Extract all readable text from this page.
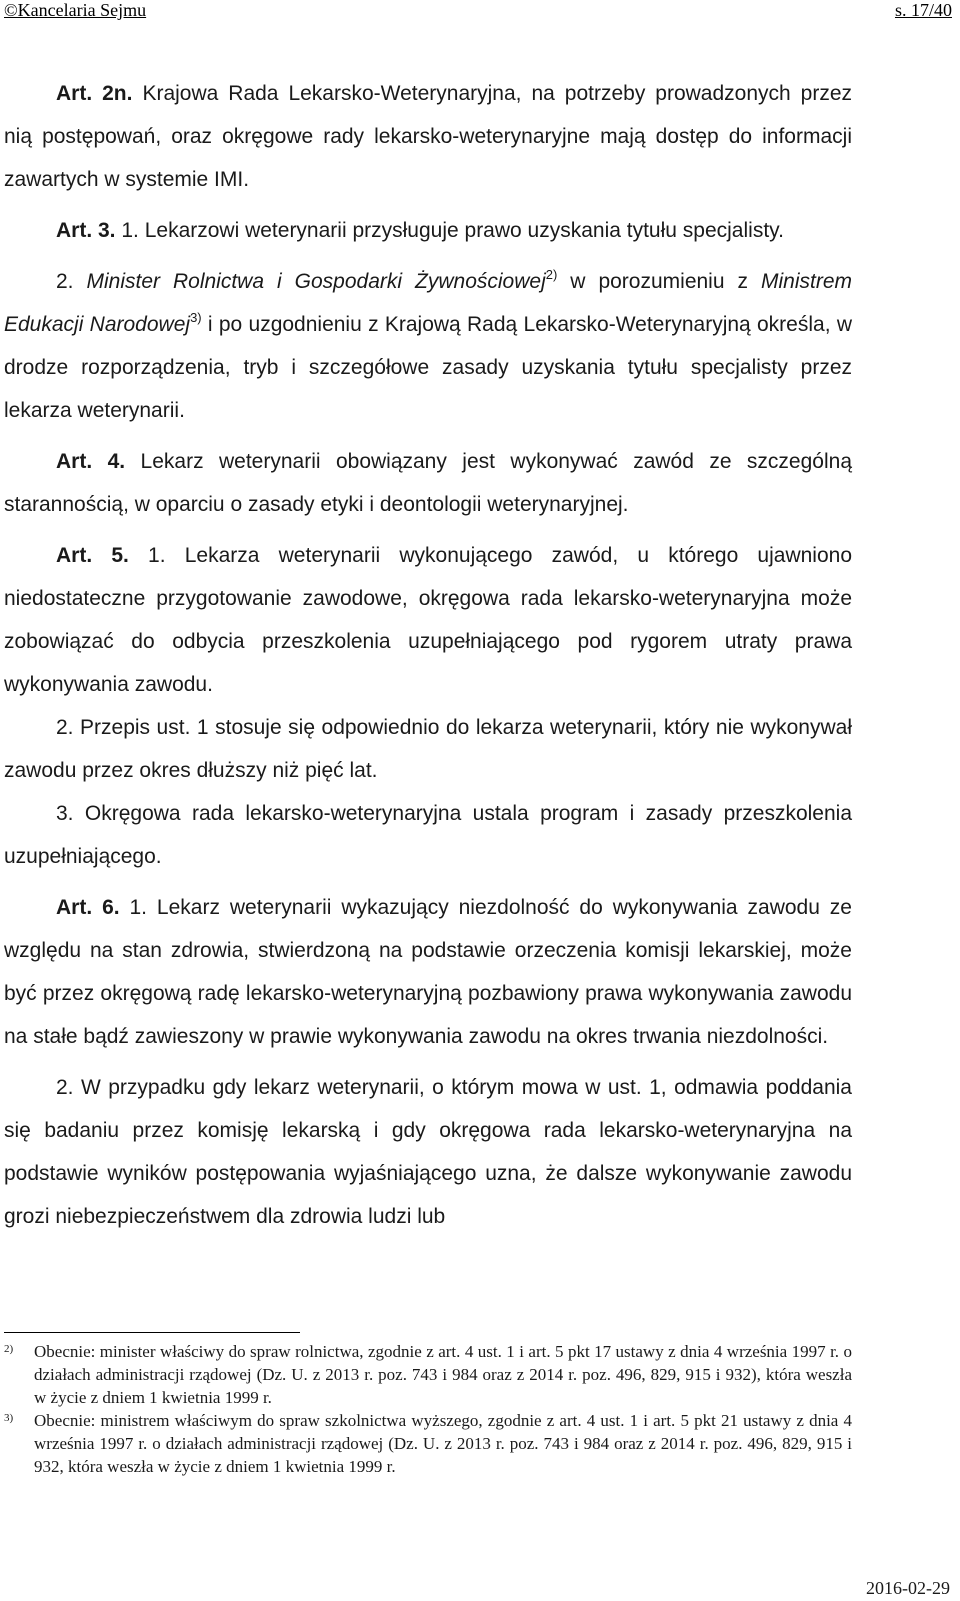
©Kancelaria Sejmu	s. 17/40

Art. 2n. Krajowa Rada Lekarsko-Weterynaryjna, na potrzeby prowadzonych przez nią postępowań, oraz okręgowe rady lekarsko-weterynaryjne mają dostęp do informacji zawartych w systemie IMI.

Art. 3. 1. Lekarzowi weterynarii przysługuje prawo uzyskania tytułu specjalisty.

2. Minister Rolnictwa i Gospodarki Żywnościowej$^{2)}$ w porozumieniu z Ministrem Edukacji Narodowej$^{3)}$ i po uzgodnieniu z Krajową Radą Lekarsko-Weterynaryjną określa, w drodze rozporządzenia, tryb i szczegółowe zasady uzyskania tytułu specjalisty przez lekarza weterynarii.

Art. 4. Lekarz weterynarii obowiązany jest wykonywać zawód ze szczególną starannością, w oparciu o zasady etyki i deontologii weterynaryjnej.

Art. 5. 1. Lekarza weterynarii wykonującego zawód, u którego ujawniono niedostateczne przygotowanie zawodowe, okręgowa rada lekarsko-weterynaryjna może zobowiązać do odbycia przeszkolenia uzupełniającego pod rygorem utraty prawa wykonywania zawodu.

2. Przepis ust. 1 stosuje się odpowiednio do lekarza weterynarii, który nie wykonywał zawodu przez okres dłuższy niż pięć lat.

3. Okręgowa rada lekarsko-weterynaryjna ustala program i zasady przeszkolenia uzupełniającego.

Art. 6. 1. Lekarz weterynarii wykazujący niezdolność do wykonywania zawodu ze względu na stan zdrowia, stwierdzoną na podstawie orzeczenia komisji lekarskiej, może być przez okręgową radę lekarsko-weterynaryjną pozbawiony prawa wykonywania zawodu na stałe bądź zawieszony w prawie wykonywania zawodu na okres trwania niezdolności.

2. W przypadku gdy lekarz weterynarii, o którym mowa w ust. 1, odmawia poddania się badaniu przez komisję lekarską i gdy okręgowa rada lekarsko-weterynaryjna na podstawie wyników postępowania wyjaśniającego uzna, że dalsze wykonywanie zawodu grozi niebezpieczeństwem dla zdrowia ludzi lub

2) Obecnie: minister właściwy do spraw rolnictwa, zgodnie z art. 4 ust. 1 i art. 5 pkt 17 ustawy z dnia 4 września 1997 r. o działach administracji rządowej (Dz. U. z 2013 r. poz. 743 i 984 oraz z 2014 r. poz. 496, 829, 915 i 932), która weszła w życie z dniem 1 kwietnia 1999 r.
3) Obecnie: ministrem właściwym do spraw szkolnictwa wyższego, zgodnie z art. 4 ust. 1 i art. 5 pkt 21 ustawy z dnia 4 września 1997 r. o działach administracji rządowej (Dz. U. z 2013 r. poz. 743 i 984 oraz z 2014 r. poz. 496, 829, 915 i 932, która weszła w życie z dniem 1 kwietnia 1999 r.
2016-02-29
